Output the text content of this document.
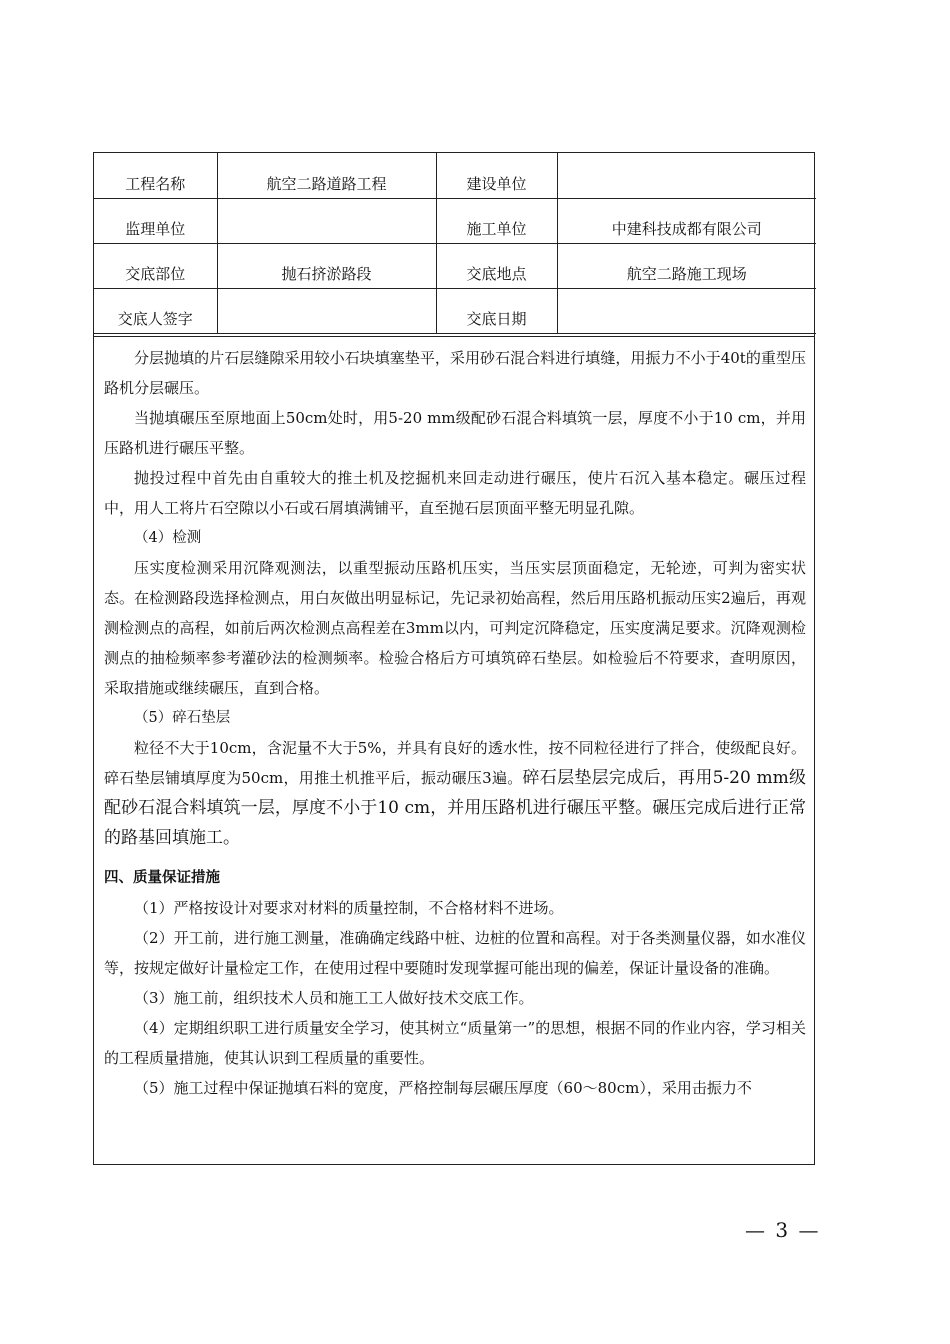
工程名称	航空二路道路工程	建设单位	
监理单位		施工单位	中建科技成都有限公司
交底部位	抛石挤淤路段	交底地点	航空二路施工现场
交底人签字		交底日期	

分层抛填的片石层缝隙采用较小石块填塞垫平，采用砂石混合料进行填缝，用振力不小于40t的重型压路机分层碾压。

当抛填碾压至原地面上50cm处时，用5-20 mm级配砂石混合料填筑一层，厚度不小于10 cm，并用压路机进行碾压平整。

抛投过程中首先由自重较大的推土机及挖掘机来回走动进行碾压，使片石沉入基本稳定。碾压过程中，用人工将片石空隙以小石或石屑填满铺平，直至抛石层顶面平整无明显孔隙。

（4）检测

压实度检测采用沉降观测法，以重型振动压路机压实，当压实层顶面稳定，无轮迹，可判为密实状态。在检测路段选择检测点，用白灰做出明显标记，先记录初始高程，然后用压路机振动压实2遍后，再观测检测点的高程，如前后两次检测点高程差在3mm以内，可判定沉降稳定，压实度满足要求。沉降观测检测点的抽检频率参考灌砂法的检测频率。检验合格后方可填筑碎石垫层。如检验后不符要求，查明原因，采取措施或继续碾压，直到合格。

（5）碎石垫层

粒径不大于10cm，含泥量不大于5%，并具有良好的透水性，按不同粒径进行了拌合，使级配良好。碎石垫层铺填厚度为50cm，用推土机推平后，振动碾压3遍。碎石层垫层完成后，再用5-20 mm级配砂石混合料填筑一层，厚度不小于10 cm，并用压路机进行碾压平整。碾压完成后进行正常的路基回填施工。

四、质量保证措施

（1）严格按设计对要求对材料的质量控制，不合格材料不进场。

（2）开工前，进行施工测量，准确确定线路中桩、边桩的位置和高程。对于各类测量仪器，如水准仪等，按规定做好计量检定工作，在使用过程中要随时发现掌握可能出现的偏差，保证计量设备的准确。

（3）施工前，组织技术人员和施工工人做好技术交底工作。

（4）定期组织职工进行质量安全学习，使其树立“质量第一”的思想，根据不同的作业内容，学习相关的工程质量措施，使其认识到工程质量的重要性。

（5）施工过程中保证抛填石料的宽度，严格控制每层碾压厚度（60～80cm），采用击振力不

— 3 —
